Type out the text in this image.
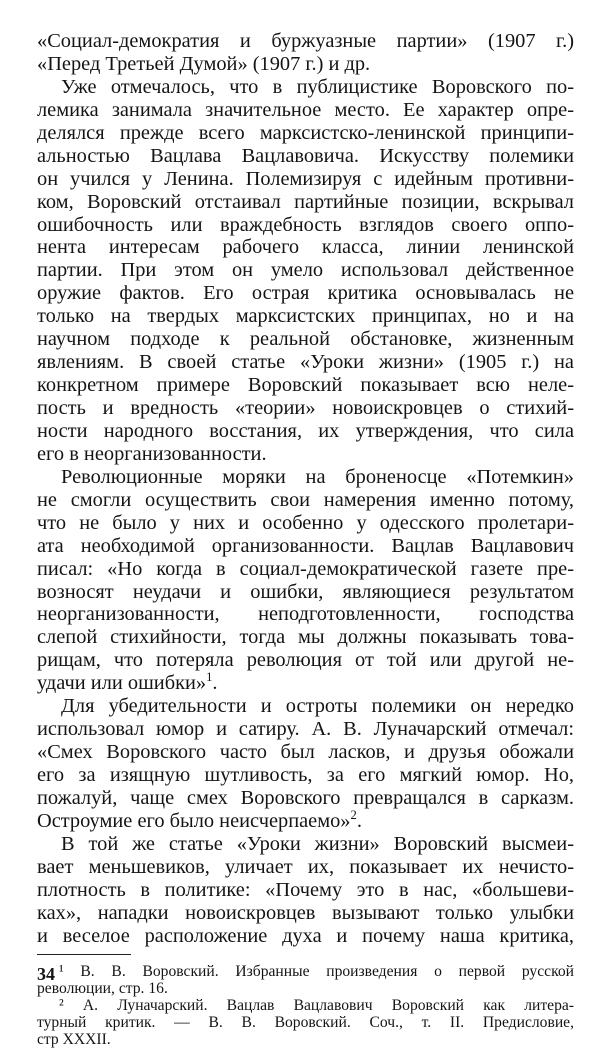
«Социал-демократия и буржуазные партии» (1907 г.)
«Перед Третьей Думой» (1907 г.) и др.
Уже отмечалось, что в публицистике Воровского по-
лемика занимала значительное место. Ее характер опре-
делялся прежде всего марксистско-ленинской принципи-
альностью Вацлава Вацлавовича. Искусству полемики
он учился у Ленина. Полемизируя с идейным противни-
ком, Воровский отстаивал партийные позиции, вскрывал
ошибочность или враждебность взглядов своего оппо-
нента интересам рабочего класса, линии ленинской
партии. При этом он умело использовал действенное
оружие фактов. Его острая критика основывалась не
только на твердых марксистских принципах, но и на
научном подходе к реальной обстановке, жизненным
явлениям. В своей статье «Уроки жизни» (1905 г.) на
конкретном примере Воровский показывает всю неле-
пость и вредность «теории» новоискровцев о стихий-
ности народного восстания, их утверждения, что сила
его в неорганизованности.
Революционные моряки на броненосце «Потемкин»
не смогли осуществить свои намерения именно потому,
что не было у них и особенно у одесского пролетари-
ата необходимой организованности. Вацлав Вацлавович
писал: «Но когда в социал-демократической газете пре-
возносят неудачи и ошибки, являющиеся результатом
неорганизованности, неподготовленности, господства
слепой стихийности, тогда мы должны показывать това-
рищам, что потеряла революция от той или другой не-
удачи или ошибки»$^1$.
Для убедительности и остроты полемики он нередко
использовал юмор и сатиру. А. В. Луначарский отмечал:
«Смех Воровского часто был ласков, и друзья обожали
его за изящную шутливость, за его мягкий юмор. Но,
пожалуй, чаще смех Воровского превращался в сарказм.
Остроумие его было неисчерпаемо»$^2$.
В той же статье «Уроки жизни» Воровский высмеи-
вает меньшевиков, уличает их, показывает их нечисто-
плотность в политике: «Почему это в нас, «большеви-
ках», нападки новоискровцев вызывают только улыбки
и веселое расположение духа и почему наша критика,
¹ В. В. Воровский. Избранные произведения о первой русской
революции, стр. 16.
² А. Луначарский. Вацлав Вацлавович Воровский как литера-
турный критик. — В. В. Воровский. Соч., т. II. Предисловие,
стр XXXII.
34
